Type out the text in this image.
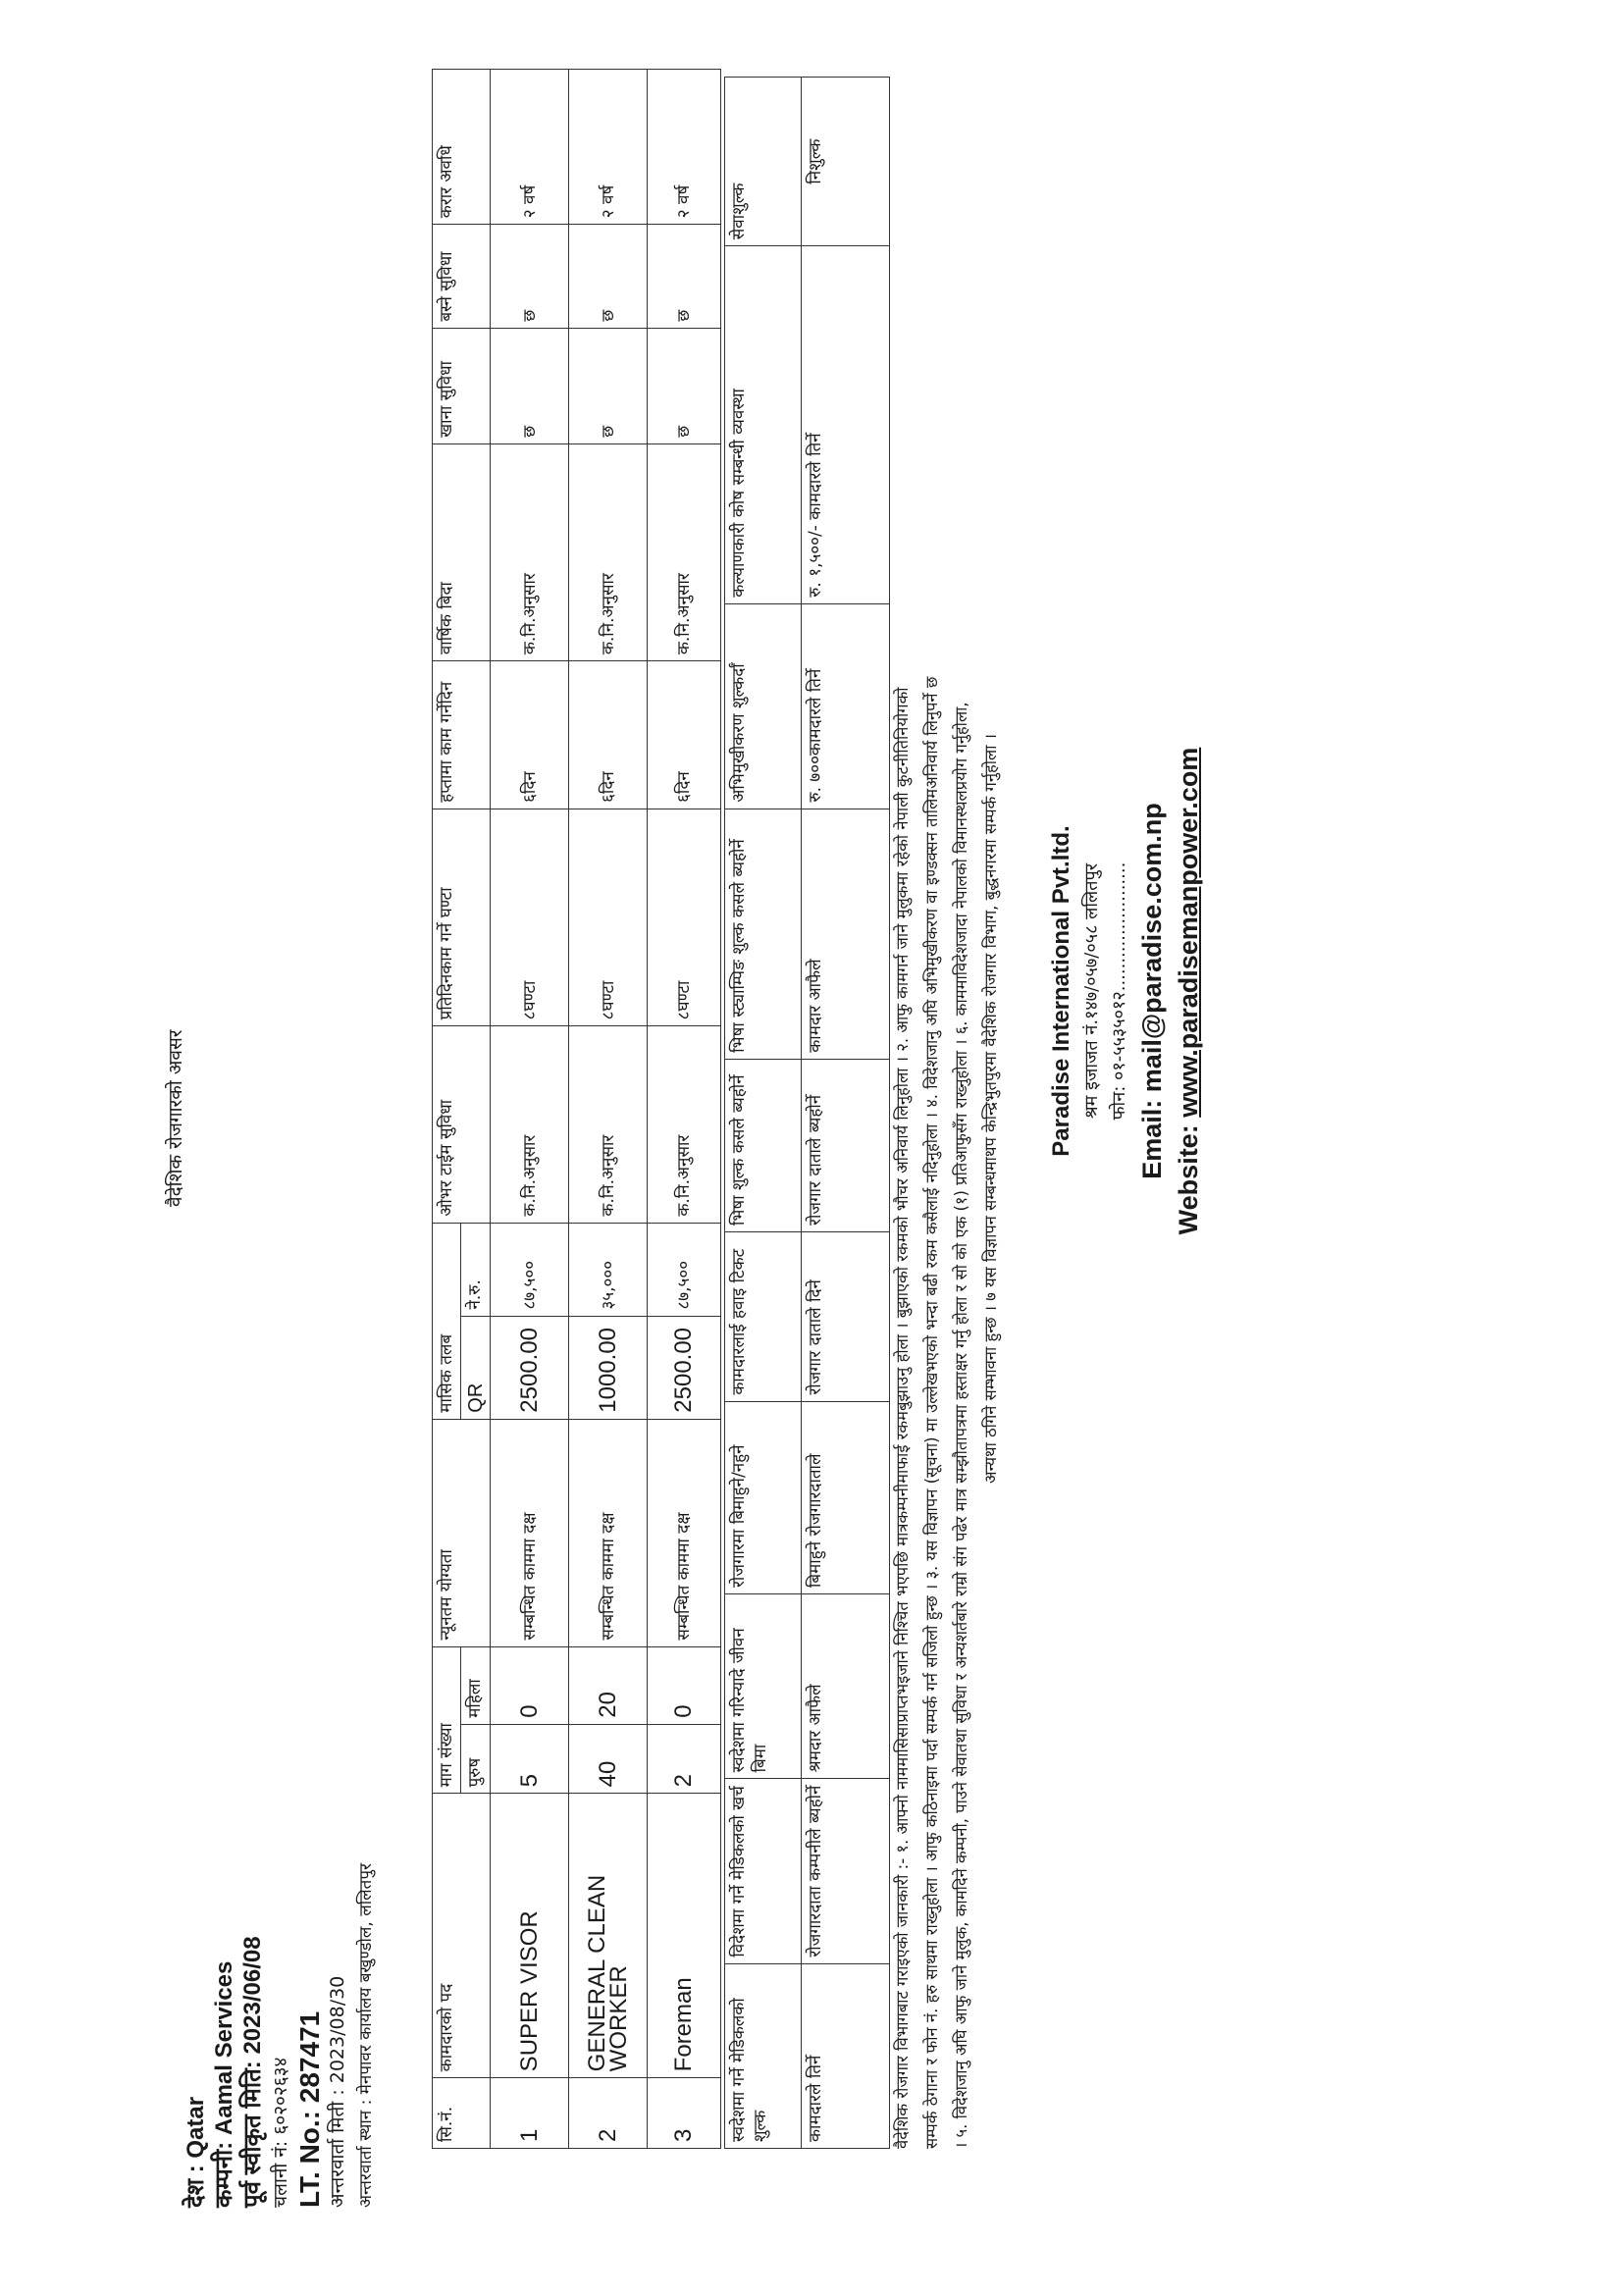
वैदेशिक रोजगारको अवसर
देश : Qatar कम्पनी: Aamal Services पूर्व स्वीकृत मिति: 2023/06/08 चलानी नं: ६०२०२६३४ LT. No.: 287471 अन्तरवार्ता मिती : 2023/08/30 अन्तरवार्ता स्थान : मेनपावर कार्यालय बखुण्डोल, ललितपुर	सि.नं.	कामदारको पद	माग संख्या		न्यूनतम योग्यता	मासिक तलब		ओभर टाईम सुविधा	प्रतिदिनकाम गर्ने घण्टा	हप्तामा काम गर्नेदिन	वार्षिक बिदा	खाना सुविधा	बस्ने सुविधा	करार अवधि
		पुरुष	महिला		QR	ने.रु.							
1	SUPER VISOR	5	0	सम्बन्धित काममा दक्ष	2500.00	८७,५००	क.नि.अनुसार	८घण्टा	६दिन	क.नि.अनुसार	छ	छ	२ वर्ष
2	GENERAL CLEAN WORKER	40	20	सम्बन्धित काममा दक्ष	1000.00	३५,०००	क.नि.अनुसार	८घण्टा	६दिन	क.नि.अनुसार	छ	छ	२ वर्ष
3	Foreman	2	0	सम्बन्धित काममा दक्ष	2500.00	८७,५००	क.नि.अनुसार	८घण्टा	६दिन	क.नि.अनुसार	छ	छ	२ वर्ष
स्वदेशमा गर्ने मेडिकलको शुल्क	विदेशमा गर्ने मेडिकलको खर्च	स्वदेशमा गरिन्यादे जीवन बिमा	रोजगारमा बिमाहुने/नहुने	कामदारलाई हवाइ टिकट	भिषा शुल्क कसले ब्यहोर्ने	भिषा स्ट्याम्पिङ शुल्क कसले ब्यहोर्ने	अभिमुखीकरण शुल्कर्दाँ	कल्याणकारी कोष सम्बन्धी व्यवस्था	सेवाशुल्क
कामदारले तिर्ने	रोजगारदाता कम्पनीले ब्यहोर्ने	श्रमदार आफैले	बिमाहुने रोजगारदाताले	रोजगार दाताले दिने	रोजगार दाताले ब्यहोर्ने	कामदार आफैले	रु. ७००कामदारले तिर्ने	रु. १,५००/- कामदारले तिर्ने	निशुल्क

वैदेशिक रोजगार विभागबाट गराइएको जानकारी :- १. आफ्नो नाममासिसाप्राप्तभइजाने निश्चित भएपछि मात्रकम्पनीमाफाई रकमबुझाउनु होला । बुझाएको रकमको भौचर अनिवार्य लिनुहोला । २. आफु कामगर्न जाने मुलुकमा रहेको नेपाली कुटनीतिनियोगको सम्पर्क ठेगाना र फोन नं. हरु साथमा राख्नुहोला । आफु कठिनाइमा पर्दा सम्पर्क गर्न सजिलो हुन्छ । ३. यस विज्ञापन (सूचना) मा उल्लेखभएको भन्दा बढी रकम कसैलाई नदिनुहोला । ४. विदेशजानु अघि अभिमुखीकरण वा इण्डक्सन तालिमअनिवार्य लिनुपर्ने छ । ५. विदेशजानु अघि आफु जाने मुलुक, कामदिने कम्पनी, पाउने सेवातथा सुविधा र अन्यशर्तबारे राम्रो संग पढेर मात्र सम्झौतापत्रमा हस्ताक्षर गर्नु होला र सो को एक (१) प्रतिआफुसँग राख्नुहोला । ६. काममाविदेशजादा नेपालको विमानस्थलप्रयोग गर्नुहोला, अन्यथा ठगिने सम्भावना हुन्छ । ७ यस विज्ञापन सम्बन्धमाथप केन्द्रिभुतपुरमा वैदेशिक रोजगार विभाग, बुद्धनगरमा सम्पर्क गर्नुहोला । Paradise International Pvt.ltd. श्रम इजाजत नं.१४७/०५७/०५८ ललितपुर फोन: ०१-५५३५०१२....................... Email: mail@paradise.com.np Website: www.paradisemanpower.com
